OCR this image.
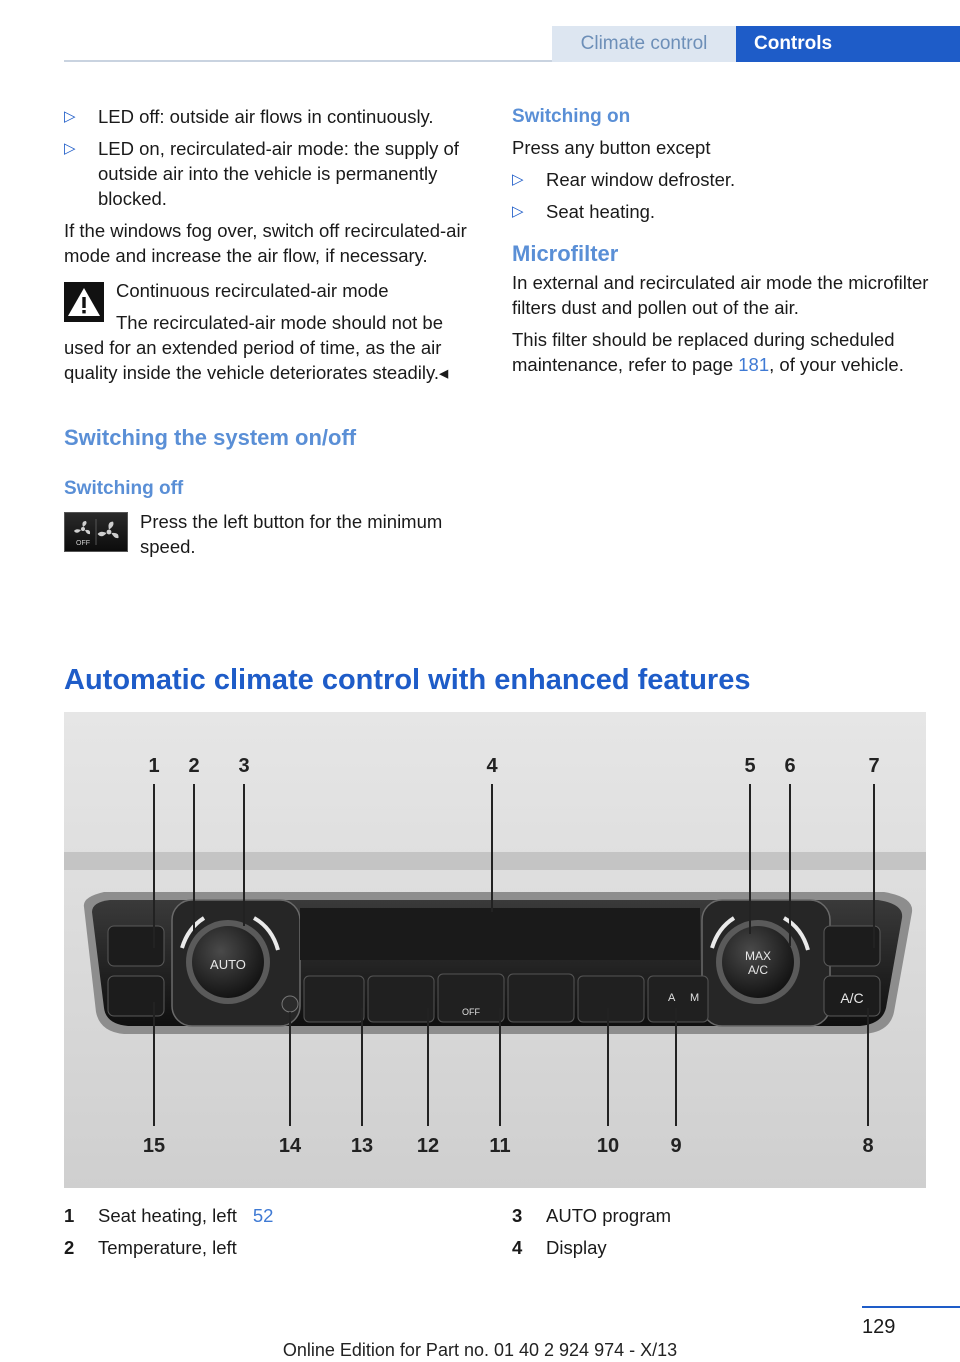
Climate control Controls
▷	LED off: outside air flows in continuously.
▷	LED on, recirculated-air mode: the supply of outside air into the vehicle is permanently blocked.

If the windows fog over, switch off recirculated-air mode and increase the air flow, if necessary.

Continuous recirculated-air mode
The recirculated-air mode should not be used for an extended period of time, as the air quality inside the vehicle deteriorates steadily.◂
Switching the system on/off
Switching off
OFF
Press the left button for the minimum speed.
Switching on

Press any button except

▷	Rear window defroster.
▷	Seat heating.
Microfilter

In external and recirculated air mode the microfilter filters dust and pollen out of the air.

This filter should be replaced during scheduled maintenance, refer to page 181, of your vehicle.

Automatic climate control with enhanced features
AUTO
MAX
A/C
A/C
OFF
A M
1 2 3	4	5 6	7
15	14 13 12	11	10	9	8
1	Seat heating, left 52
2	Temperature, left
3	AUTO program
4	Display
129
Online Edition for Part no. 01 40 2 924 974 - X/13
